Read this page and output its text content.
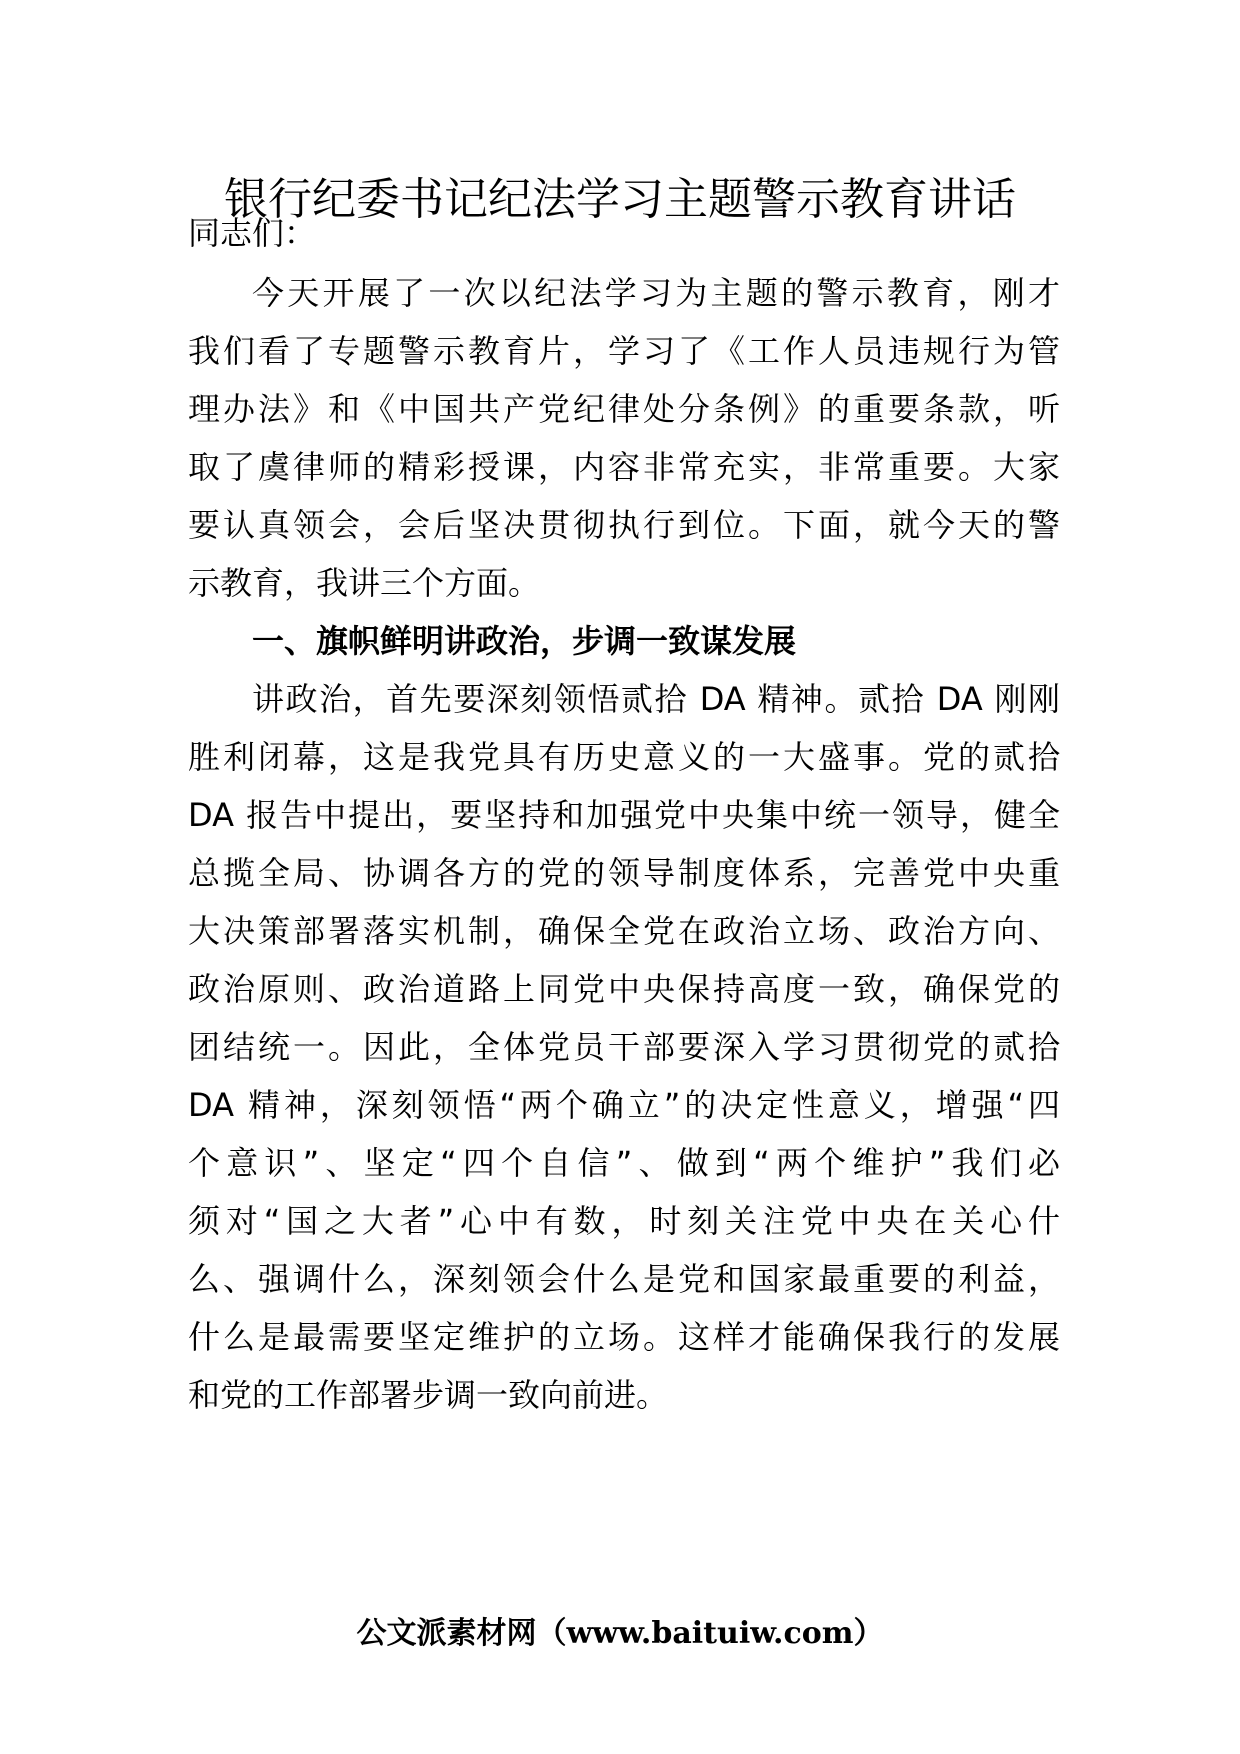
银行纪委书记纪法学习主题警示教育讲话
同志们：
今天开展了一次以纪法学习为主题的警示教育，刚才
我们看了专题警示教育片，学习了《工作人员违规行为管
理办法》和《中国共产党纪律处分条例》的重要条款，听
取了虞律师的精彩授课，内容非常充实，非常重要。大家
要认真领会，会后坚决贯彻执行到位。下面，就今天的警
示教育，我讲三个方面。
一、旗帜鲜明讲政治，步调一致谋发展
讲政治，首先要深刻领悟贰拾 DA 精神。贰拾 DA 刚刚
胜利闭幕，这是我党具有历史意义的一大盛事。党的贰拾
DA 报告中提出，要坚持和加强党中央集中统一领导，健全
总揽全局、协调各方的党的领导制度体系，完善党中央重
大决策部署落实机制，确保全党在政治立场、政治方向、
政治原则、政治道路上同党中央保持高度一致，确保党的
团结统一。因此，全体党员干部要深入学习贯彻党的贰拾
DA 精神，深刻领悟“两个确立”的决定性意义，增强“四
个意识”、坚定“四个自信”、做到“两个维护”我们必
须对“国之大者”心中有数，时刻关注党中央在关心什
么、强调什么，深刻领会什么是党和国家最重要的利益，
什么是最需要坚定维护的立场。这样才能确保我行的发展
和党的工作部署步调一致向前进。
公文派素材网（www.baituiw.com）
